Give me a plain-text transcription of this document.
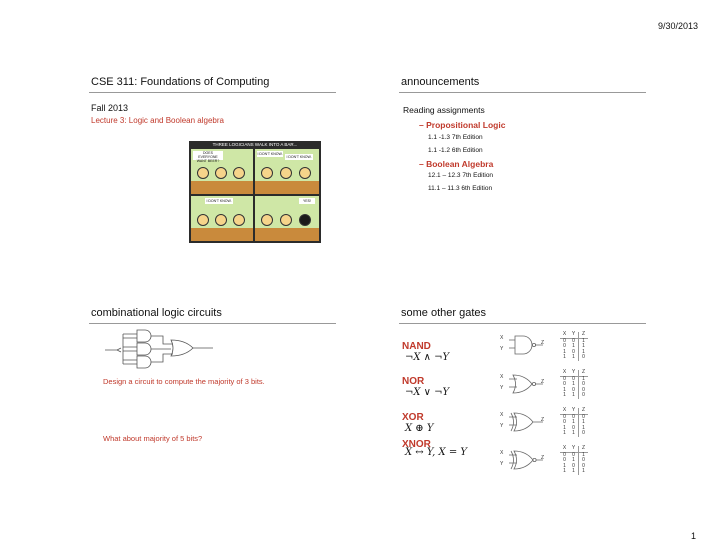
9/30/2013
1
CSE 311: Foundations of Computing
Fall 2013
Lecture 3: Logic and Boolean algebra
THREE LOGICIANS WALK INTO A BAR...
DOES EVERYONE WANT BEER?
I DON'T KNOW.
I DON'T KNOW.
I DON'T KNOW.	YES!
announcements
Reading assignments
– Propositional Logic
1.1 -1.3 7th Edition
1.1 -1.2 6th Edition
– Boolean Algebra
12.1 – 12.3 7th Edition
11.1 – 11.3 6th Edition
combinational logic circuits
Design a circuit to compute the majority of 3 bits.
What about majority of 5 bits?
some other gates
NAND
¬X ∧ ¬Y
X
Y
Z
X	Y	Z
0	0	1
0	1	1
1	0	1
1	1	0
NOR
¬X ∨ ¬Y
X
Y
Z
X	Y	Z
0	0	1
0	1	0
1	0	0
1	1	0
XOR
X ⊕ Y
X
Y
Z
X	Y	Z
0	0	0
0	1	1
1	0	1
1	1	0
XNOR
X ↔ Y, X = Y	X
Y
Z
X	Y	Z
0	0	1
0	1	0
1	0	0
1	1	1
